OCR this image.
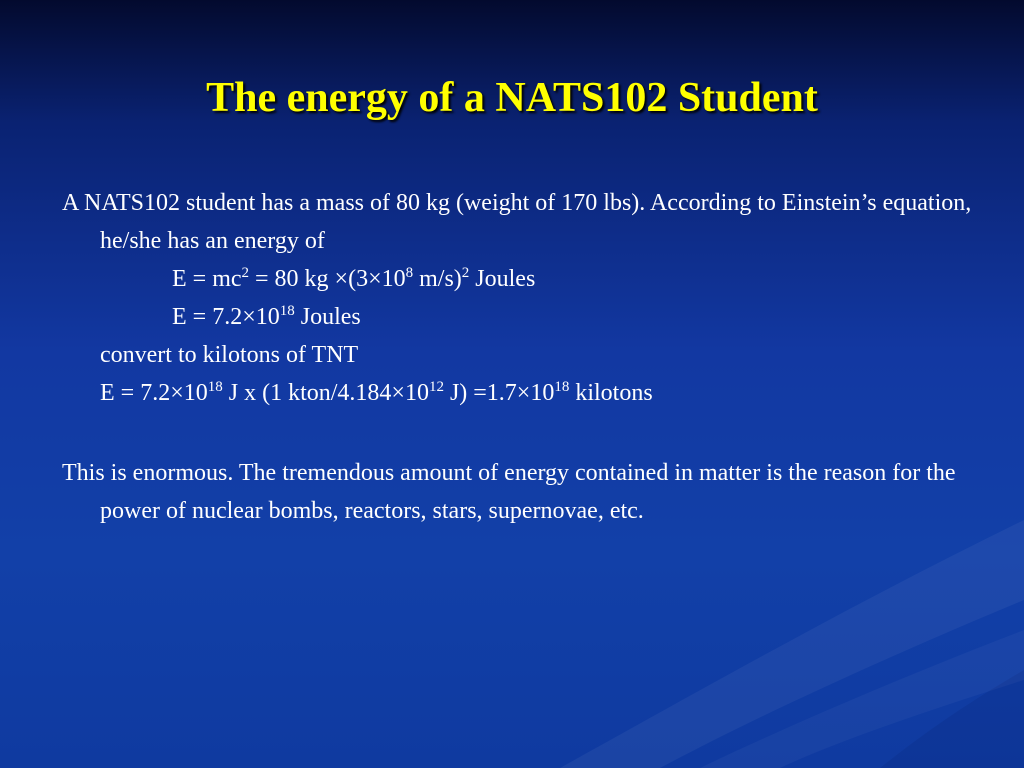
The energy of a NATS102 Student

A NATS102 student has a mass of 80 kg (weight of 170 lbs). According to Einstein’s equation, he/she has an energy of

$E = mc^2 = 80$ kg $\times(3\times 10^8$ m/s)$^2$ Joules

$E = 7.2\times 10^{18}$ Joules

convert to kilotons of TNT

$E = 7.2\times 10^{18}$ J x (1 kton/$4.184\times 10^{12}$ $J) =1.7\times 10^{18}$ kilotons

This is enormous. The tremendous amount of energy contained in matter is the reason for the power of nuclear bombs, reactors, stars, supernovae, etc.
